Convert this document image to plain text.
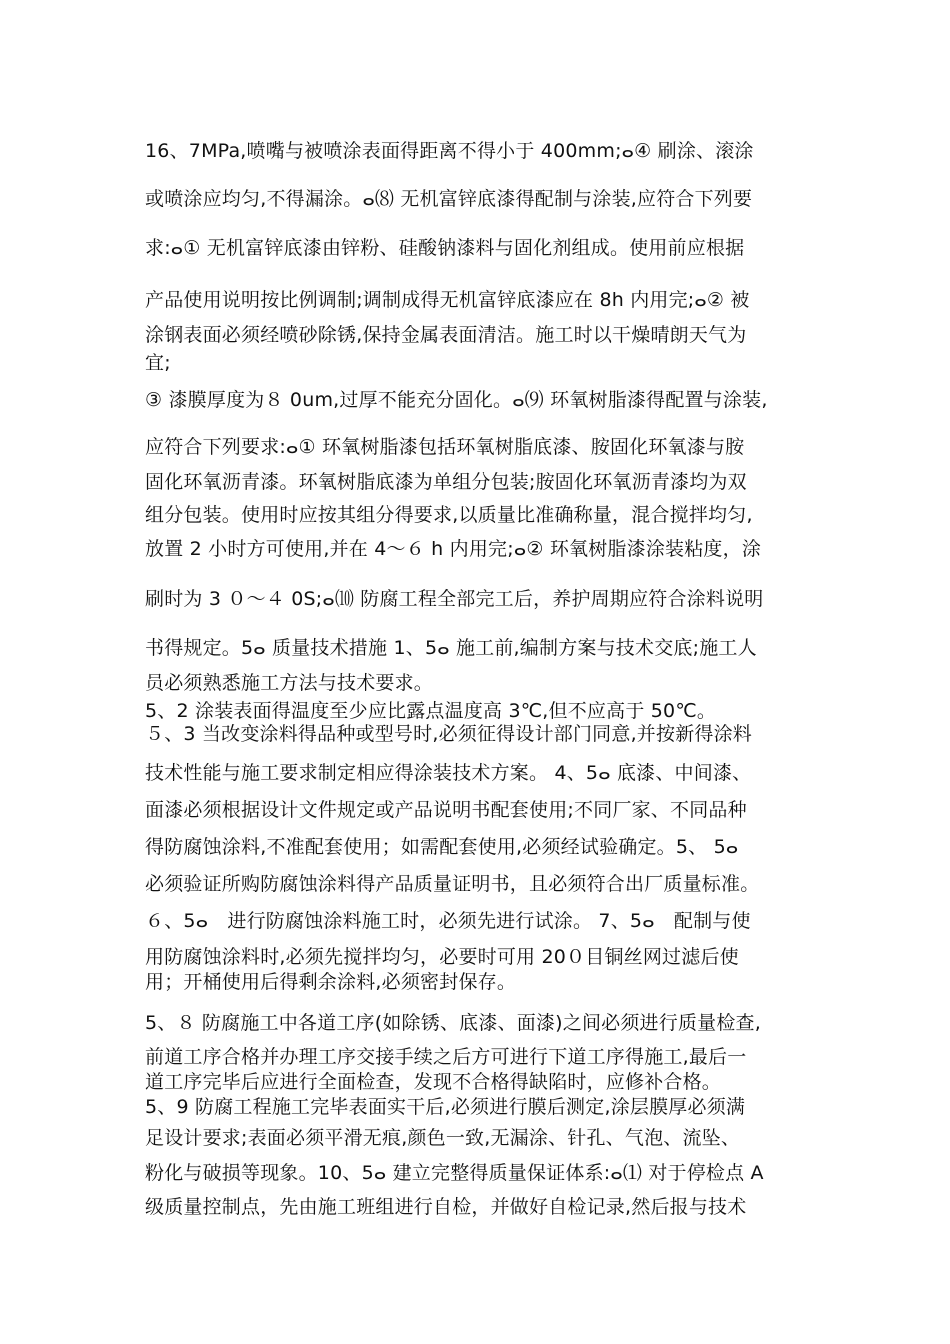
16、7MPa,喷嘴与被喷涂表面得距离不得小于 400mm;ⴰ④ 刷涂、滚涂
或喷涂应均匀,不得漏涂。ⴰ⑻ 无机富锌底漆得配制与涂装,应符合下列要
求:ⴰ① 无机富锌底漆由锌粉、硅酸钠漆料与固化剂组成。使用前应根据
产品使用说明按比例调制;调制成得无机富锌底漆应在 8h 内用完;ⴰ② 被
涂钢表面必须经喷砂除锈,保持金属表面清洁。施工时以干燥晴朗天气为
宜;
③ 漆膜厚度为８ 0um,过厚不能充分固化。ⴰ⑼ 环氧树脂漆得配置与涂装,
应符合下列要求:ⴰ① 环氧树脂漆包括环氧树脂底漆、胺固化环氧漆与胺
固化环氧沥青漆。环氧树脂底漆为单组分包装;胺固化环氧沥青漆均为双
组分包装。使用时应按其组分得要求,以质量比准确称量，混合搅拌均匀,
放置 2 小时方可使用,并在 4～６ h 内用完;ⴰ② 环氧树脂漆涂装粘度，涂
刷时为 3 ０～４ 0S;ⴰ⑽ 防腐工程全部完工后，养护周期应符合涂料说明
书得规定。5ⴰ 质量技术措施 1、5ⴰ 施工前,编制方案与技术交底;施工人
员必须熟悉施工方法与技术要求。
5、2 涂装表面得温度至少应比露点温度高 3℃,但不应高于 50℃。
５、3 当改变涂料得品种或型号时,必须征得设计部门同意,并按新得涂料
技术性能与施工要求制定相应得涂装技术方案。 4、5ⴰ 底漆、中间漆、
面漆必须根据设计文件规定或产品说明书配套使用;不同厂家、不同品种
得防腐蚀涂料,不准配套使用；如需配套使用,必须经试验确定。5、 5ⴰ
必须验证所购防腐蚀涂料得产品质量证明书，且必须符合出厂质量标准。
６、5ⴰ　进行防腐蚀涂料施工时，必须先进行试涂。 7、5ⴰ　配制与使
用防腐蚀涂料时,必须先搅拌均匀，必要时可用 20０目铜丝网过滤后使
用；开桶使用后得剩余涂料,必须密封保存。
5、８ 防腐施工中各道工序(如除锈、底漆、面漆)之间必须进行质量检查,
前道工序合格并办理工序交接手续之后方可进行下道工序得施工,最后一
道工序完毕后应进行全面检查，发现不合格得缺陷时，应修补合格。
5、9 防腐工程施工完毕表面实干后,必须进行膜后测定,涂层膜厚必须满
足设计要求;表面必须平滑无痕,颜色一致,无漏涂、针孔、气泡、流坠、
粉化与破损等现象。10、5ⴰ 建立完整得质量保证体系:ⴰ⑴ 对于停检点 A
级质量控制点，先由施工班组进行自检，并做好自检记录,然后报与技术
